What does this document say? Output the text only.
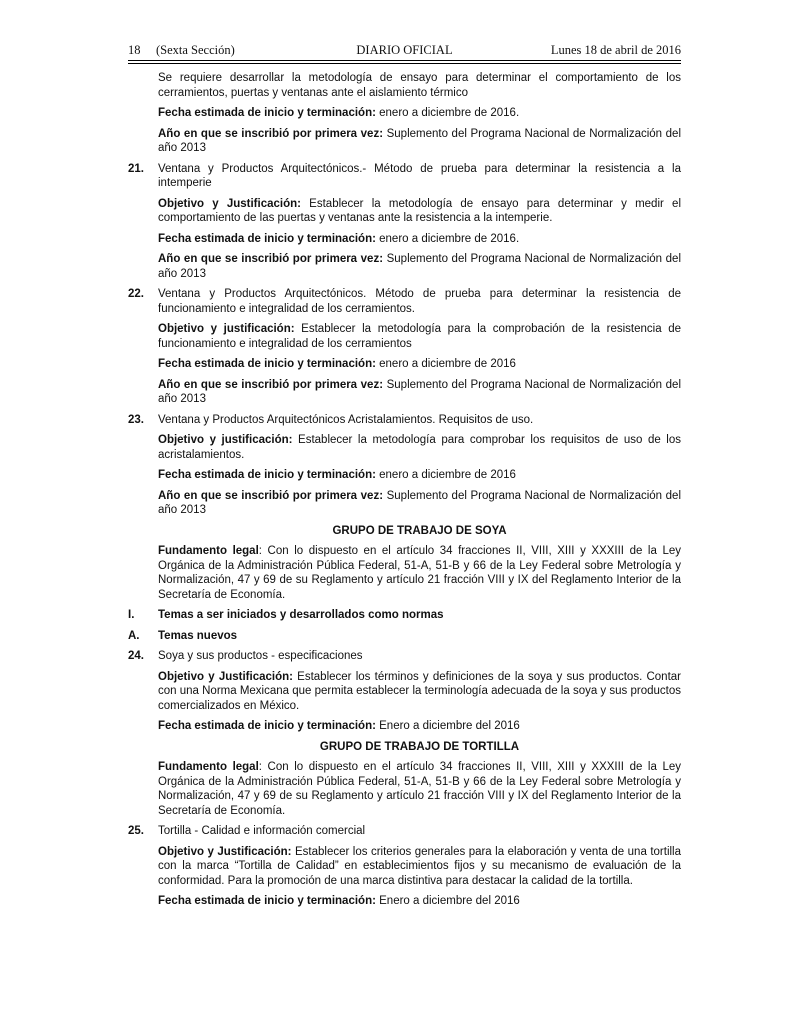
18 (Sexta Sección)	DIARIO OFICIAL	Lunes 18 de abril de 2016

Se requiere desarrollar la metodología de ensayo para determinar el comportamiento de los cerramientos, puertas y ventanas ante el aislamiento térmico

Fecha estimada de inicio y terminación: enero a diciembre de 2016.

Año en que se inscribió por primera vez: Suplemento del Programa Nacional de Normalización del año 2013

21. Ventana y Productos Arquitectónicos.- Método de prueba para determinar la resistencia a la intemperie

Objetivo y Justificación: Establecer la metodología de ensayo para determinar y medir el comportamiento de las puertas y ventanas ante la resistencia a la intemperie.

Fecha estimada de inicio y terminación: enero a diciembre de 2016.

Año en que se inscribió por primera vez: Suplemento del Programa Nacional de Normalización del año 2013

22. Ventana y Productos Arquitectónicos. Método de prueba para determinar la resistencia de funcionamiento e integralidad de los cerramientos.

Objetivo y justificación: Establecer la metodología para la comprobación de la resistencia de funcionamiento e integralidad de los cerramientos

Fecha estimada de inicio y terminación: enero a diciembre de 2016

Año en que se inscribió por primera vez: Suplemento del Programa Nacional de Normalización del año 2013

23. Ventana y Productos Arquitectónicos Acristalamientos. Requisitos de uso.

Objetivo y justificación: Establecer la metodología para comprobar los requisitos de uso de los acristalamientos.

Fecha estimada de inicio y terminación: enero a diciembre de 2016

Año en que se inscribió por primera vez: Suplemento del Programa Nacional de Normalización del año 2013

GRUPO DE TRABAJO DE SOYA

Fundamento legal: Con lo dispuesto en el artículo 34 fracciones II, VIII, XIII y XXXIII de la Ley Orgánica de la Administración Pública Federal, 51-A, 51-B y 66 de la Ley Federal sobre Metrología y Normalización, 47 y 69 de su Reglamento y artículo 21 fracción VIII y IX del Reglamento Interior de la Secretaría de Economía.

I. Temas a ser iniciados y desarrollados como normas
A. Temas nuevos
24. Soya y sus productos - especificaciones

Objetivo y Justificación: Establecer los términos y definiciones de la soya y sus productos. Contar con una Norma Mexicana que permita establecer la terminología adecuada de la soya y sus productos comercializados en México.

Fecha estimada de inicio y terminación: Enero a diciembre del 2016

GRUPO DE TRABAJO DE TORTILLA

Fundamento legal: Con lo dispuesto en el artículo 34 fracciones II, VIII, XIII y XXXIII de la Ley Orgánica de la Administración Pública Federal, 51-A, 51-B y 66 de la Ley Federal sobre Metrología y Normalización, 47 y 69 de su Reglamento y artículo 21 fracción VIII y IX del Reglamento Interior de la Secretaría de Economía.

25. Tortilla - Calidad e información comercial

Objetivo y Justificación: Establecer los criterios generales para la elaboración y venta de una tortilla con la marca “Tortilla de Calidad” en establecimientos fijos y su mecanismo de evaluación de la conformidad. Para la promoción de una marca distintiva para destacar la calidad de la tortilla.

Fecha estimada de inicio y terminación: Enero a diciembre del 2016
